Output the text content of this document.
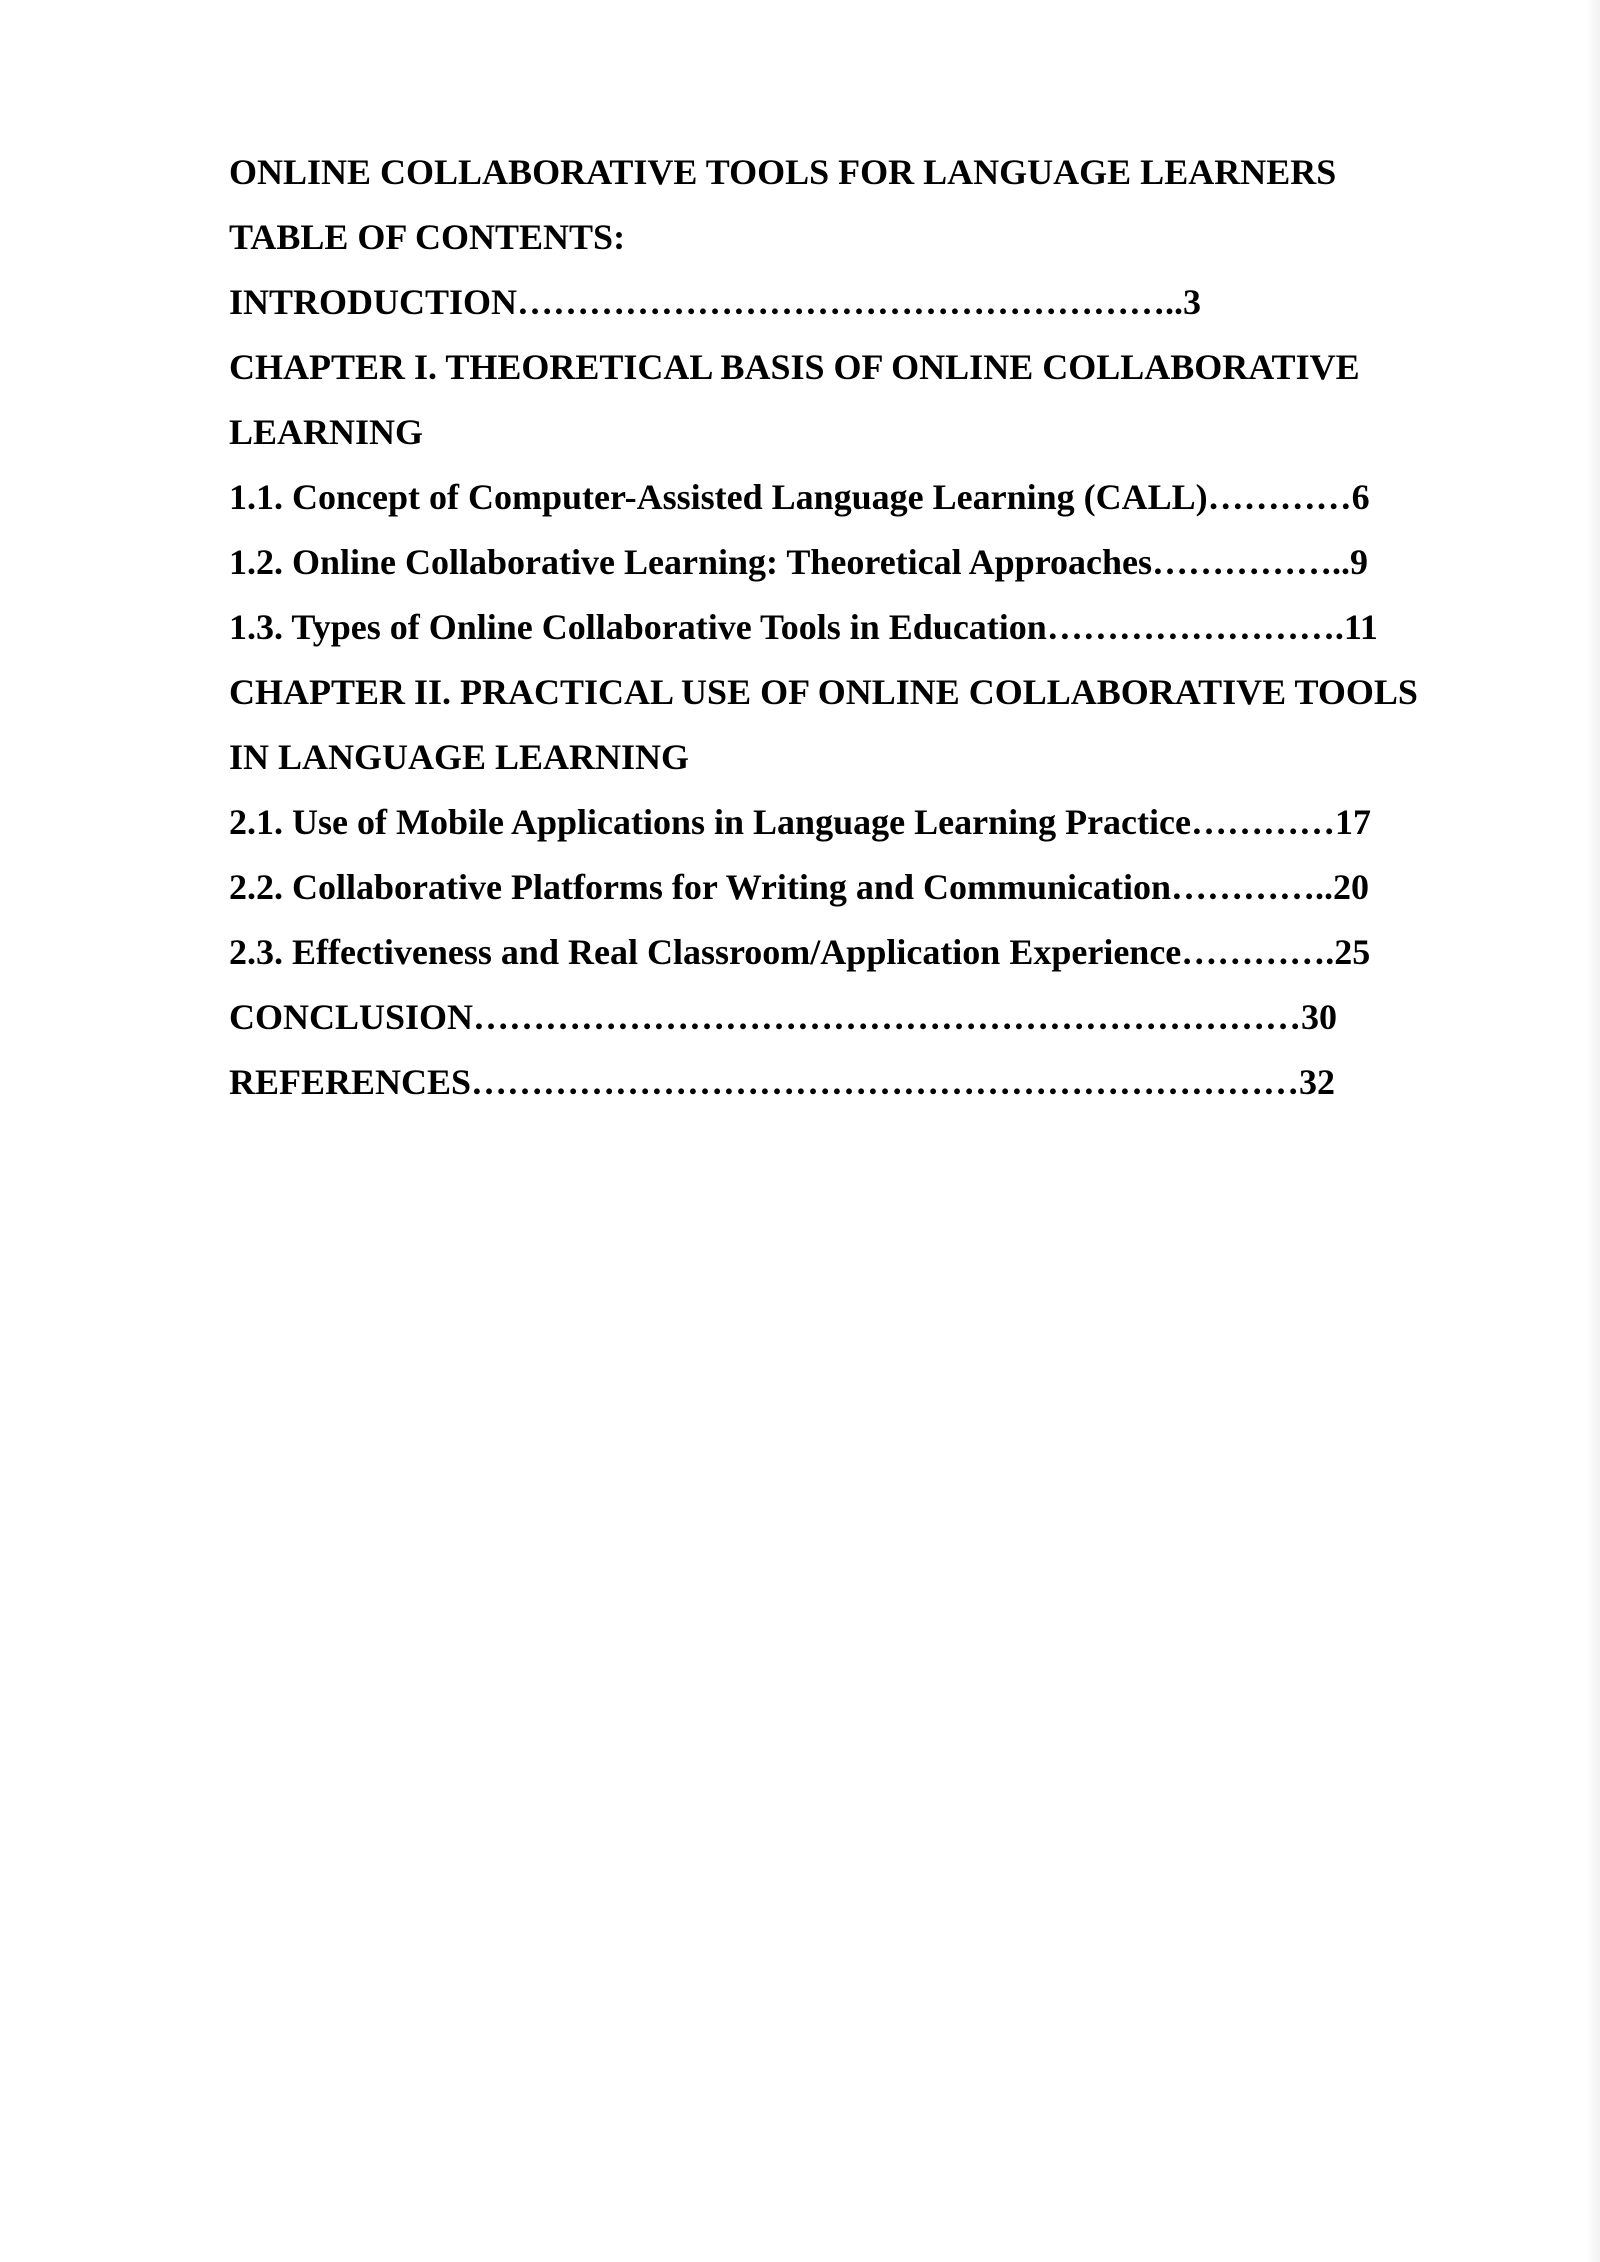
ONLINE COLLABORATIVE TOOLS FOR LANGUAGE LEARNERS

TABLE OF CONTENTS:

INTRODUCTION………………………………………………..3

CHAPTER I. THEORETICAL BASIS OF ONLINE COLLABORATIVE
LEARNING

1.1. Concept of Computer-Assisted Language Learning (CALL)…………6

1.2. Online Collaborative Learning: Theoretical Approaches……………..9

1.3. Types of Online Collaborative Tools in Education…………………….11

CHAPTER II. PRACTICAL USE OF ONLINE COLLABORATIVE TOOLS
IN LANGUAGE LEARNING

2.1. Use of Mobile Applications in Language Learning Practice…………17

2.2. Collaborative Platforms for Writing and Communication…………..20

2.3. Effectiveness and Real Classroom/Application Experience………….25

CONCLUSION……………………………………………………………30

REFERENCES……………………………………………………………32
